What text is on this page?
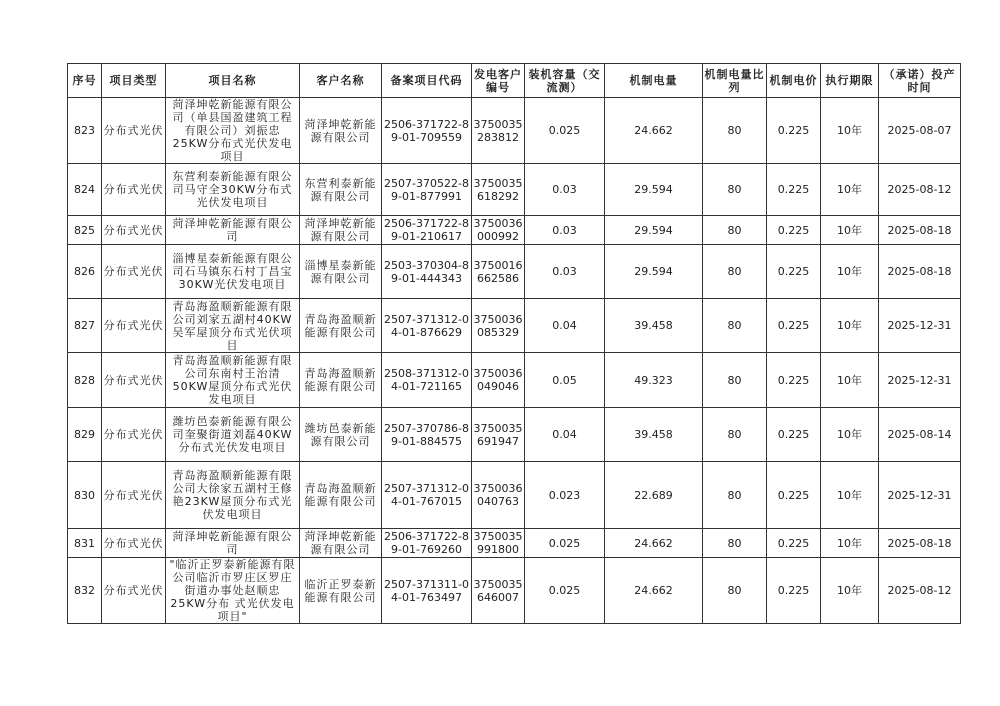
序号	项目类型	项目名称	客户名称	备案项目代码	发电客户编号	装机容量（交流测）	机制电量	机制电量比列	机制电价	执行期限	（承诺）投产时间
823	分布式光伏	菏泽坤乾新能源有限公司（单县国盈建筑工程有限公司）刘振忠25KW分布式光伏发电项目	菏泽坤乾新能源有限公司	2506-371722-89-01-709559	3750035283812	0.025	24.662	80	0.225	10年	2025-08-07
824	分布式光伏	东营利泰新能源有限公司马守全30KW分布式光伏发电项目	东营利泰新能源有限公司	2507-370522-89-01-877991	3750035618292	0.03	29.594	80	0.225	10年	2025-08-12
825	分布式光伏	菏泽坤乾新能源有限公司	菏泽坤乾新能源有限公司	2506-371722-89-01-210617	3750036000992	0.03	29.594	80	0.225	10年	2025-08-18
826	分布式光伏	淄博星泰新能源有限公司石马镇东石村丁昌宝30KW光伏发电项目	淄博星泰新能源有限公司	2503-370304-89-01-444343	3750016662586	0.03	29.594	80	0.225	10年	2025-08-18
827	分布式光伏	青岛海盈顺新能源有限公司刘家五湖村40KW吴军屋顶分布式光伏项目	青岛海盈顺新能源有限公司	2507-371312-04-01-876629	3750036085329	0.04	39.458	80	0.225	10年	2025-12-31
828	分布式光伏	青岛海盈顺新能源有限公司东南村王治清50KW屋顶分布式光伏发电项目	青岛海盈顺新能源有限公司	2508-371312-04-01-721165	3750036049046	0.05	49.323	80	0.225	10年	2025-12-31
829	分布式光伏	潍坊邑泰新能源有限公司奎聚街道刘磊40KW分布式光伏发电项目	潍坊邑泰新能源有限公司	2507-370786-89-01-884575	3750035691947	0.04	39.458	80	0.225	10年	2025-08-14
830	分布式光伏	青岛海盈顺新能源有限公司大徐家五湖村王修艳23KW屋顶分布式光伏发电项目	青岛海盈顺新能源有限公司	2507-371312-04-01-767015	3750036040763	0.023	22.689	80	0.225	10年	2025-12-31
831	分布式光伏	菏泽坤乾新能源有限公司	菏泽坤乾新能源有限公司	2506-371722-89-01-769260	3750035991800	0.025	24.662	80	0.225	10年	2025-08-18
832	分布式光伏	"临沂正罗泰新能源有限公司临沂市罗庄区罗庄街道办事处赵顺忠25KW分布 式光伏发电项目"	临沂正罗泰新能源有限公司	2507-371311-04-01-763497	3750035646007	0.025	24.662	80	0.225	10年	2025-08-12
